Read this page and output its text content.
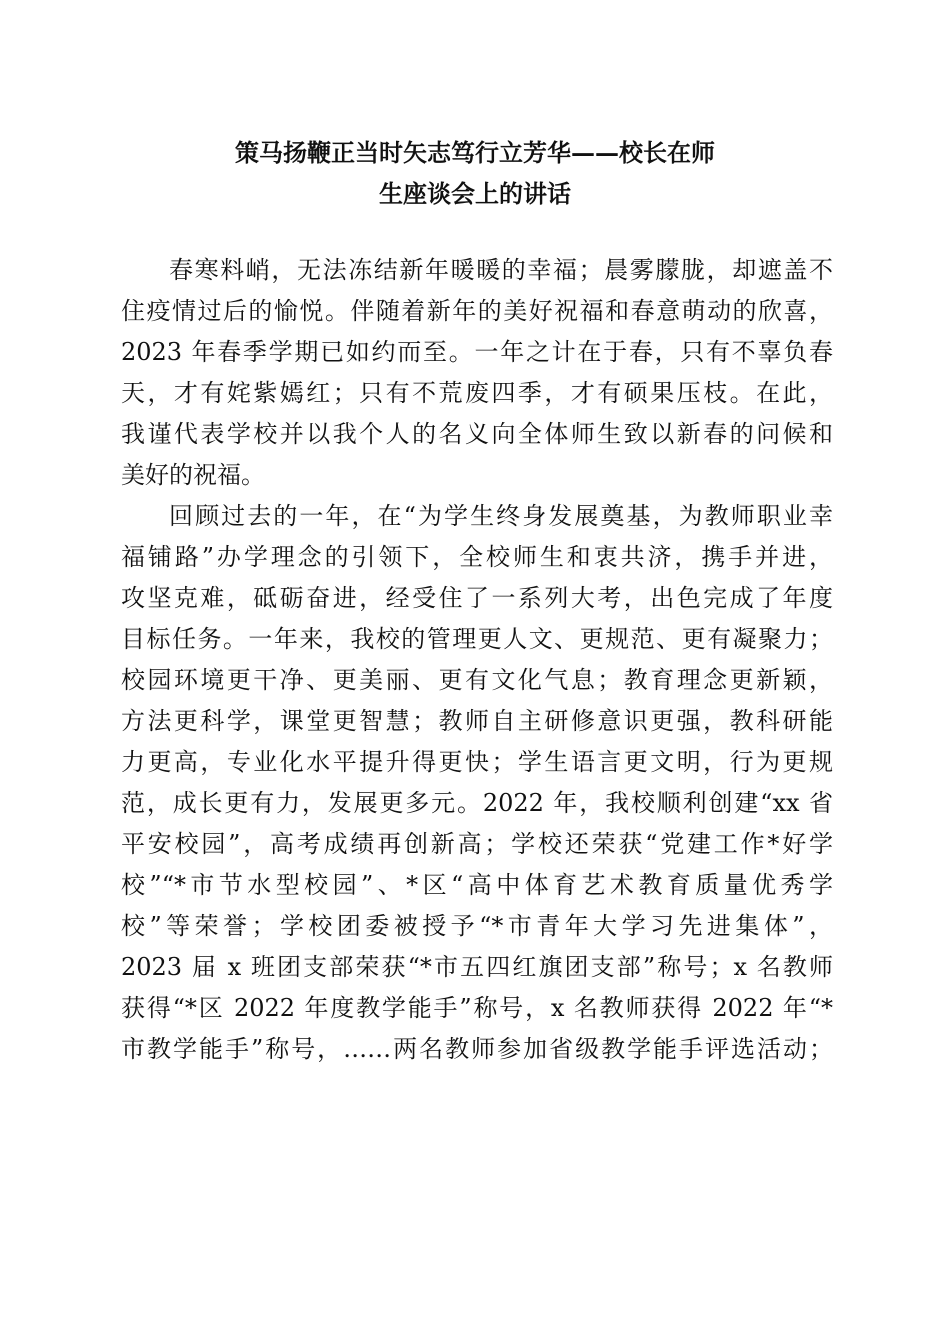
策马扬鞭正当时矢志笃行立芳华——校长在师
生座谈会上的讲话
春寒料峭，无法冻结新年暖暖的幸福；晨雾朦胧，却遮盖不
住疫情过后的愉悦。伴随着新年的美好祝福和春意萌动的欣喜，
2023 年春季学期已如约而至。一年之计在于春，只有不辜负春
天，才有姹紫嫣红；只有不荒废四季，才有硕果压枝。在此，
我谨代表学校并以我个人的名义向全体师生致以新春的问候和
美好的祝福。
回顾过去的一年，在“为学生终身发展奠基，为教师职业幸
福铺路”办学理念的引领下，全校师生和衷共济，携手并进，
攻坚克难，砥砺奋进，经受住了一系列大考，出色完成了年度
目标任务。一年来，我校的管理更人文、更规范、更有凝聚力；
校园环境更干净、更美丽、更有文化气息；教育理念更新颖，
方法更科学，课堂更智慧；教师自主研修意识更强，教科研能
力更高，专业化水平提升得更快；学生语言更文明，行为更规
范，成长更有力，发展更多元。2022 年，我校顺利创建“xx 省
平安校园”，高考成绩再创新高；学校还荣获“党建工作*好学
校”“*市节水型校园”、*区“高中体育艺术教育质量优秀学
校”等荣誉；学校团委被授予“*市青年大学习先进集体”，
2023 届 x 班团支部荣获“*市五四红旗团支部”称号；x 名教师
获得“*区 2022 年度教学能手”称号，x 名教师获得 2022 年“*
市教学能手”称号，……两名教师参加省级教学能手评选活动；
